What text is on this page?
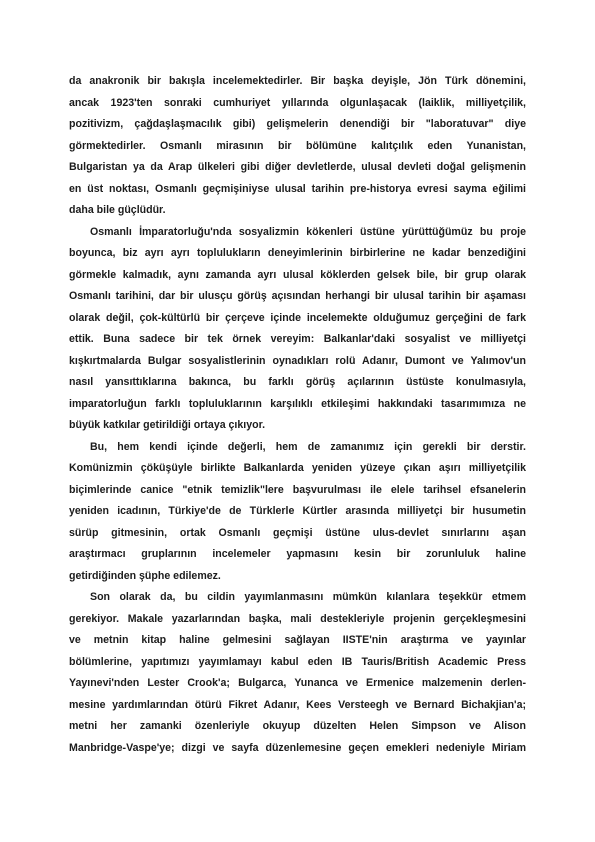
da anakronik bir bakışla incelemektedirler. Bir başka deyişle, Jön Türk dönemini,
ancak 1923'ten sonraki cumhuriyet yıllarında olgunlaşacak (laiklik, milliyetçilik,
pozitivizm, çağdaşlaşmacılık gibi) gelişmelerin denendiği bir "laboratuvar" diye
görmektedirler. Osmanlı mirasının bir bölümüne kalıtçılık eden Yunanistan,
Bulgaristan ya da Arap ülkeleri gibi diğer devletlerde, ulusal devleti doğal gelişmenin
en üst noktası, Osmanlı geçmişiniyse ulusal tarihin pre-historya evresi sayma eğilimi
daha bile güçlüdür.
Osmanlı İmparatorluğu'nda sosyalizmin kökenleri üstüne yürüttüğümüz bu proje
boyunca, biz ayrı ayrı toplulukların deneyimlerinin birbirlerine ne kadar benzediğini
görmekle kalmadık, aynı zamanda ayrı ulusal köklerden gelsek bile, bir grup olarak
Osmanlı tarihini, dar bir ulusçu görüş açısından herhangi bir ulusal tarihin bir aşaması
olarak değil, çok-kültürlü bir çerçeve içinde incelemekte olduğumuz gerçeğini de fark
ettik. Buna sadece bir tek örnek vereyim: Balkanlar'daki sosyalist ve milliyetçi
kışkırtmalarda Bulgar sosyalistlerinin oynadıkları rolü Adanır, Dumont ve Yalımov'un
nasıl yansıttıklarına bakınca, bu farklı görüş açılarının üstüste konulmasıyla,
imparatorluğun farklı topluluklarının karşılıklı etkileşimi hakkındaki tasarımımıza ne
büyük katkılar getirildiği ortaya çıkıyor.
Bu, hem kendi içinde değerli, hem de zamanımız için gerekli bir derstir.
Komünizmin çöküşüyle birlikte Balkanlarda yeniden yüzeye çıkan aşırı milliyetçilik
biçimlerinde canice "etnik temizlik"lere başvurulması ile elele tarihsel efsanelerin
yeniden icadının, Türkiye'de de Türklerle Kürtler arasında milliyetçi bir husumetin
sürüp gitmesinin, ortak Osmanlı geçmişi üstüne ulus-devlet sınırlarını aşan
araştırmacı gruplarının incelemeler yapmasını kesin bir zorunluluk haline
getirdiğinden şüphe edilemez.
Son olarak da, bu cildin yayımlanmasını mümkün kılanlara teşekkür etmem
gerekiyor. Makale yazarlarından başka, mali destekleriyle projenin gerçekleşmesini
ve metnin kitap haline gelmesini sağlayan IISTE'nin araştırma ve yayınlar
bölümlerine, yapıtımızı yayımlamayı kabul eden IB Tauris/British Academic Press
Yayınevi'nden Lester Crook'a; Bulgarca, Yunanca ve Ermenice malzemenin derlen-
mesine yardımlarından ötürü Fikret Adanır, Kees Versteegh ve Bernard Bichakjian'a;
metni her zamanki özenleriyle okuyup düzelten Helen Simpson ve Alison
Manbridge-Vaspe'ye; dizgi ve sayfa düzenlemesine geçen emekleri nedeniyle Miriam
